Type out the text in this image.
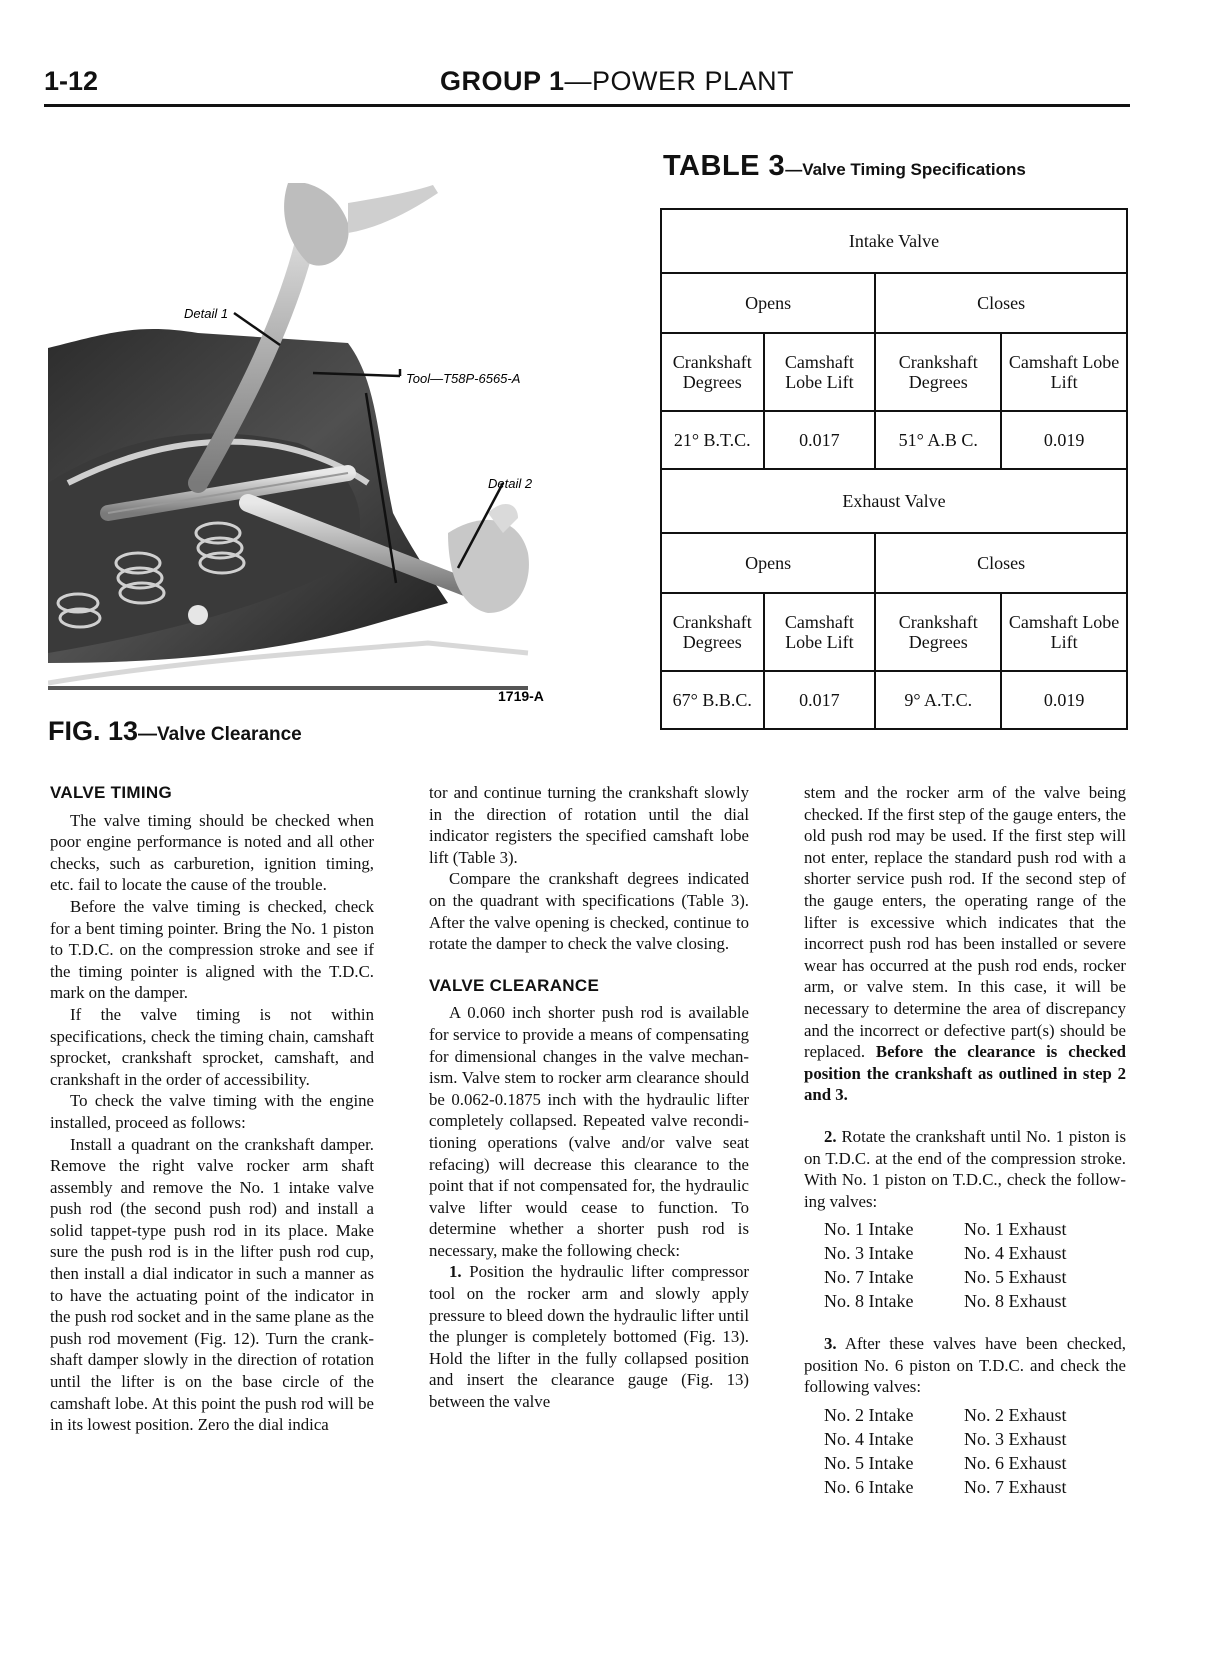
1-12	GROUP 1—POWER PLANT
Detail 1
Tool—T58P-6565-A
Detail 2
1719-A
FIG. 13—Valve Clearance
TABLE 3—Valve Timing Specifications
Intake Valve			
Opens		Closes	
Crankshaft Degrees	Camshaft Lobe Lift	Crankshaft Degrees	Camshaft Lobe Lift
21° B.T.C.	0.017	51° A.B C.	0.019
Exhaust Valve			
Opens		Closes	
Crankshaft Degrees	Camshaft Lobe Lift	Crankshaft Degrees	Camshaft Lobe Lift
67° B.B.C.	0.017	9° A.T.C.	0.019
VALVE TIMING

The valve timing should be checked when poor engine performance is noted and all other checks, such as carburetion, ignition timing, etc. fail to locate the cause of the trouble.

Before the valve timing is checked, check for a bent timing pointer. Bring the No. 1 piston to T.D.C. on the compression stroke and see if the timing pointer is aligned with the T.D.C. mark on the damper.

If the valve timing is not within specifications, check the timing chain, camshaft sprocket, crankshaft sprocket, camshaft, and crankshaft in the order of accessibility.

To check the valve timing with the engine installed, proceed as follows:

Install a quadrant on the crankshaft damper. Remove the right valve rocker arm shaft assembly and remove the No. 1 intake valve push rod (the second push rod) and install a solid tappet-type push rod in its place. Make sure the push rod is in the lifter push rod cup, then install a dial indicator in such a manner as to have the actuating point of the indicator in the push rod socket and in the same plane as the push rod movement (Fig. 12). Turn the crankshaft damper slowly in the direction of rotation until the lifter is on the base circle of the camshaft lobe. At this point the push rod will be in its lowest position. Zero the dial indica

tor and continue turning the crankshaft slowly in the direction of rotation until the dial indicator registers the specified camshaft lobe lift (Table 3).

Compare the crankshaft degrees indicated on the quadrant with specifications (Table 3). After the valve opening is checked, continue to rotate the damper to check the valve closing.

VALVE CLEARANCE

A 0.060 inch shorter push rod is available for service to provide a means of compensating for dimensional changes in the valve mechanism. Valve stem to rocker arm clearance should be 0.062-0.1875 inch with the hydraulic lifter completely collapsed. Repeated valve reconditioning operations (valve and/or valve seat refacing) will decrease this clearance to the point that if not compensated for, the hydraulic valve lifter would cease to function. To determine whether a shorter push rod is necessary, make the following check:

1. Position the hydraulic lifter compressor tool on the rocker arm and slowly apply pressure to bleed down the hydraulic lifter until the plunger is completely bottomed (Fig. 13). Hold the lifter in the fully collapsed position and insert the clearance gauge (Fig. 13) between the valve

stem and the rocker arm of the valve being checked. If the first step of the gauge enters, the old push rod may be used. If the first step will not enter, replace the standard push rod with a shorter service push rod. If the second step of the gauge enters, the operating range of the lifter is excessive which indicates that the incorrect push rod has been installed or severe wear has occurred at the push rod ends, rocker arm, or valve stem. In this case, it will be necessary to determine the area of discrepancy and the incorrect or defective part(s) should be replaced. Before the clearance is checked position the crankshaft as outlined in step 2 and 3.

2. Rotate the crankshaft until No. 1 piston is on T.D.C. at the end of the compression stroke. With No. 1 piston on T.D.C., check the following valves:

No. 1 Intake	No. 1 Exhaust
No. 3 Intake	No. 4 Exhaust
No. 7 Intake	No. 5 Exhaust
No. 8 Intake	No. 8 Exhaust

3. After these valves have been checked, position No. 6 piston on T.D.C. and check the following valves:

No. 2 Intake	No. 2 Exhaust
No. 4 Intake	No. 3 Exhaust
No. 5 Intake	No. 6 Exhaust
No. 6 Intake	No. 7 Exhaust
